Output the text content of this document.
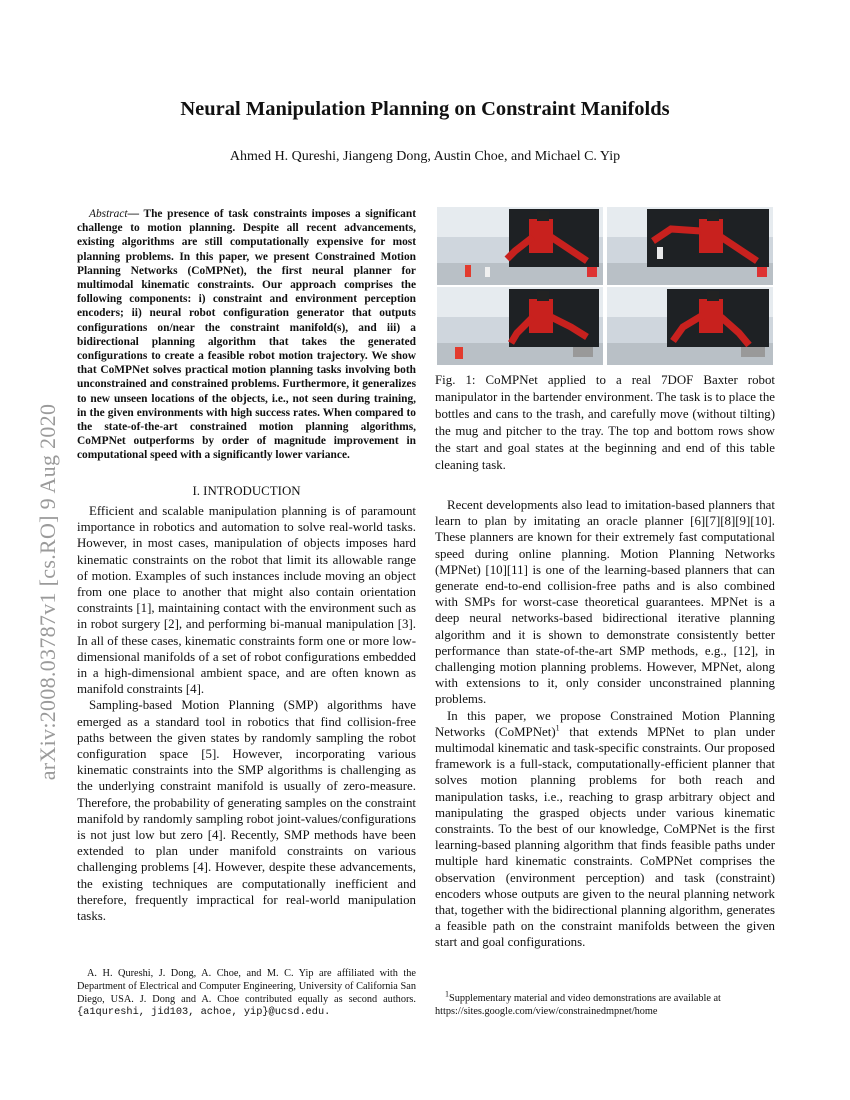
arXiv:2008.03787v1 [cs.RO] 9 Aug 2020
Neural Manipulation Planning on Constraint Manifolds
Ahmed H. Qureshi, Jiangeng Dong, Austin Choe, and Michael C. Yip

Abstract— The presence of task constraints imposes a significant challenge to motion planning. Despite all recent advancements, existing algorithms are still computationally expensive for most planning problems. In this paper, we present Constrained Motion Planning Networks (CoMPNet), the first neural planner for multimodal kinematic constraints. Our approach comprises the following components: i) constraint and environment perception encoders; ii) neural robot configuration generator that outputs configurations on/near the constraint manifold(s), and iii) a bidirectional planning algorithm that takes the generated configurations to create a feasible robot motion trajectory. We show that CoMPNet solves practical motion planning tasks involving both unconstrained and constrained problems. Furthermore, it generalizes to new unseen locations of the objects, i.e., not seen during training, in the given environments with high success rates. When compared to the state-of-the-art constrained motion planning algorithms, CoMPNet outperforms by order of magnitude improvement in computational speed with a significantly lower variance.

I. INTRODUCTION

Efficient and scalable manipulation planning is of paramount importance in robotics and automation to solve real-world tasks. However, in most cases, manipulation of objects imposes hard kinematic constraints on the robot that limit its allowable range of motion. Examples of such instances include moving an object from one place to another that might also contain orientation constraints [1], maintaining contact with the environment such as in robot surgery [2], and performing bi-manual manipulation [3]. In all of these cases, kinematic constraints form one or more low-dimensional manifolds of a set of robot configurations embedded in a high-dimensional ambient space, and are often known as manifold constraints [4].

Sampling-based Motion Planning (SMP) algorithms have emerged as a standard tool in robotics that find collision-free paths between the given states by randomly sampling the robot configuration space [5]. However, incorporating various kinematic constraints into the SMP algorithms is challenging as the underlying constraint manifold is usually of zero-measure. Therefore, the probability of generating samples on the constraint manifold by randomly sampling robot joint-values/configurations is not just low but zero [4]. Recently, SMP methods have been extended to plan under manifold constraints on various challenging problems [4]. However, despite these advancements, the existing techniques are computationally inefficient and therefore, frequently impractical for real-world manipulation tasks.

A. H. Qureshi, J. Dong, A. Choe, and M. C. Yip are affiliated with the Department of Electrical and Computer Engineering, University of California San Diego, USA. J. Dong and A. Choe contributed equally as second authors. {a1qureshi, jid103, achoe, yip}@ucsd.edu.

Fig. 1: CoMPNet applied to a real 7DOF Baxter robot manipulator in the bartender environment. The task is to place the bottles and cans to the trash, and carefully move (without tilting) the mug and pitcher to the tray. The top and bottom rows show the start and goal states at the beginning and end of this table cleaning task.

Recent developments also lead to imitation-based planners that learn to plan by imitating an oracle planner [6][7][8][9][10]. These planners are known for their extremely fast computational speed during online planning. Motion Planning Networks (MPNet) [10][11] is one of the learning-based planners that can generate end-to-end collision-free paths and is also combined with SMPs for worst-case theoretical guarantees. MPNet is a deep neural networks-based bidirectional iterative planning algorithm and it is shown to demonstrate consistently better performance than state-of-the-art SMP methods, e.g., [12], in challenging motion planning problems. However, MPNet, along with extensions to it, only consider unconstrained planning problems.

In this paper, we propose Constrained Motion Planning Networks (CoMPNet)$^1$ that extends MPNet to plan under multimodal kinematic and task-specific constraints. Our proposed framework is a full-stack, computationally-efficient planner that solves motion planning problems for both reach and manipulation tasks, i.e., reaching to grasp arbitrary object and manipulating the grasped objects under various kinematic constraints. To the best of our knowledge, CoMPNet is the first learning-based planning algorithm that finds feasible paths under multiple hard kinematic constraints. CoMPNet comprises the observation (environment perception) and task (constraint) encoders whose outputs are given to the neural planning network that, together with the bidirectional planning algorithm, generates a feasible path on the constraint manifolds between the given start and goal configurations.

$^1$Supplementary material and video demonstrations are available at https://sites.google.com/view/constrainedmpnet/home
